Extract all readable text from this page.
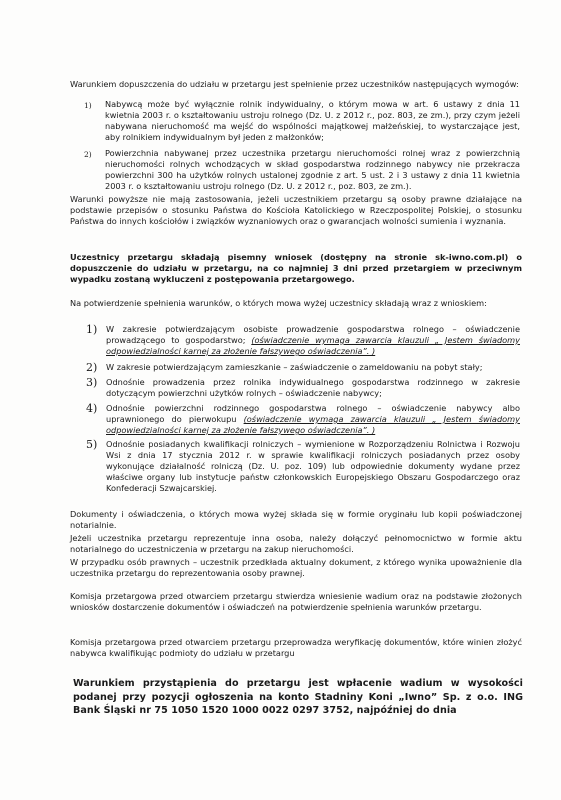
Warunkiem dopuszczenia do udziału w przetargu jest spełnienie przez uczestników następujących wymogów:
1) Nabywcą może być wyłącznie rolnik indywidualny, o którym mowa w art. 6 ustawy z dnia 11 kwietnia 2003 r. o kształtowaniu ustroju rolnego (Dz. U. z 2012 r., poz. 803, ze zm.), przy czym jeżeli nabywana nieruchomość ma wejść do wspólności majątkowej małżeńskiej, to wystarczające jest, aby rolnikiem indywidualnym był jeden z małżonków;
2) Powierzchnia nabywanej przez uczestnika przetargu nieruchomości rolnej wraz z powierzchnią nieruchomości rolnych wchodzących w skład gospodarstwa rodzinnego nabywcy nie przekracza powierzchni 300 ha użytków rolnych ustalonej zgodnie z art. 5 ust. 2 i 3 ustawy z dnia 11 kwietnia 2003 r. o kształtowaniu ustroju rolnego (Dz. U. z 2012 r., poz. 803, ze zm.).
Warunki powyższe nie mają zastosowania, jeżeli uczestnikiem przetargu są osoby prawne działające na podstawie przepisów o stosunku Państwa do Kościoła Katolickiego w Rzeczpospolitej Polskiej, o stosunku Państwa do innych kościołów i związków wyznaniowych oraz o gwarancjach wolności sumienia i wyznania.
Uczestnicy przetargu składają pisemny wniosek (dostępny na stronie sk-iwno.com.pl) o dopuszczenie do udziału w przetargu, na co najmniej 3 dni przed przetargiem w przeciwnym wypadku zostaną wykluczeni z postępowania przetargowego.
Na potwierdzenie spełnienia warunków, o których mowa wyżej uczestnicy składają wraz z wnioskiem:
1) W zakresie potwierdzającym osobiste prowadzenie gospodarstwa rolnego – oświadczenie prowadzącego to gospodarstwo; (oświadczenie wymaga zawarcia klauzuli „ Jestem świadomy odpowiedzialności karnej za złożenie fałszywego oświadczenia”. )
2) W zakresie potwierdzającym zamieszkanie – zaświadczenie o zameldowaniu na pobyt stały;
3) Odnośnie prowadzenia przez rolnika indywidualnego gospodarstwa rodzinnego w zakresie dotyczącym powierzchni użytków rolnych – oświadczenie nabywcy;
4) Odnośnie powierzchni rodzinnego gospodarstwa rolnego – oświadczenie nabywcy albo uprawnionego do pierwokupu (oświadczenie wymaga zawarcia klauzuli „ Jestem świadomy odpowiedzialności karnej za złożenie fałszywego oświadczenia”. )
5) Odnośnie posiadanych kwalifikacji rolniczych – wymienione w Rozporządzeniu Rolnictwa i Rozwoju Wsi z dnia 17 stycznia 2012 r. w sprawie kwalifikacji rolniczych posiadanych przez osoby wykonujące działalność rolniczą (Dz. U. poz. 109) lub odpowiednie dokumenty wydane przez właściwe organy lub instytucje państw członkowskich Europejskiego Obszaru Gospodarczego oraz Konfederacji Szwajcarskiej.
Dokumenty i oświadczenia, o których mowa wyżej składa się w formie oryginału lub kopii poświadczonej notarialnie.
Jeżeli uczestnika przetargu reprezentuje inna osoba, należy dołączyć pełnomocnictwo w formie aktu notarialnego do uczestniczenia w przetargu na zakup nieruchomości.
W przypadku osób prawnych – uczestnik przedkłada aktualny dokument, z którego wynika upoważnienie dla uczestnika przetargu do reprezentowania osoby prawnej.
Komisja przetargowa przed otwarciem przetargu stwierdza wniesienie wadium oraz na podstawie złożonych wniosków dostarczenie dokumentów i oświadczeń na potwierdzenie spełnienia warunków przetargu.
Komisja przetargowa przed otwarciem przetargu przeprowadza weryfikację dokumentów, które winien złożyć nabywca kwalifikując podmioty do udziału w przetargu
Warunkiem przystąpienia do przetargu jest wpłacenie wadium w wysokości podanej przy pozycji ogłoszenia na konto Stadniny Koni „Iwno” Sp. z o.o. ING Bank Śląski nr 75 1050 1520 1000 0022 0297 3752, najpóźniej do dnia
